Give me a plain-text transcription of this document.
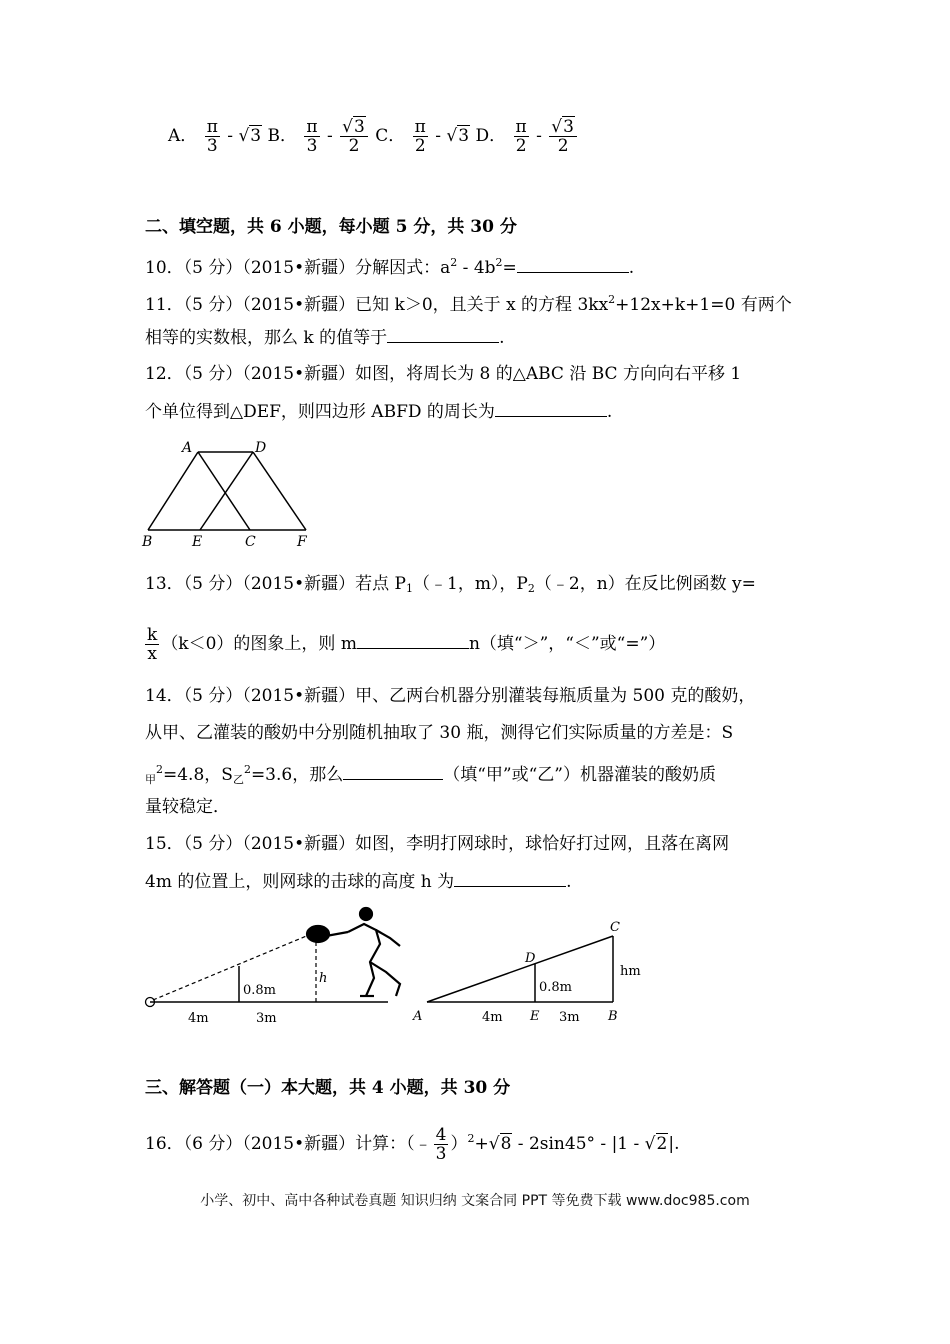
A． $\frac{\pi}{3} - √3$ B． $\frac{\pi}{3} - \frac{√3}{2}$ C． $\frac{\pi}{2} - √3$ D． $\frac{\pi}{2} - \frac{√3}{2}$
二、填空题，共 6 小题，每小题 5 分，共 30 分
10．（5 分）（2015•新疆）分解因式：$a^2 - 4b^2=$	.
11．（5 分）（2015•新疆）已知 k＞0，且关于 x 的方程 $3kx^2+12x+k+1=0$ 有两个
相等的实数根，那么 k 的值等于	.
12．（5 分）（2015•新疆）如图，将周长为 8 的△ABC 沿 BC 方向向右平移 1
个单位得到△DEF，则四边形 ABFD 的周长为	.
A	D
B	E	C	F
13．（5 分）（2015•新疆）若点 $P_1(﹣1$，m），$P_2(﹣2$，n）在反比例函数 y=
$\frac{k}{x} (k<0)$的图象上，则 m	n（填“＞”，“＜”或“=”）
14．（5 分）（2015•新疆）甲、乙两台机器分别灌装每瓶质量为 500 克的酸奶，
从甲、乙灌装的酸奶中分别随机抽取了 30 瓶，测得它们实际质量的方差是：S
$_甲^2$=4.8，$S_乙^2=3.6$，那么	（填“甲”或“乙”）机器灌装的酸奶质
量较稳定．
15．（5 分）（2015•新疆）如图，李明打网球时，球恰好打过网，且落在离网
4m 的位置上，则网球的击球的高度 h 为	.
0.8m
h
4m	3m
C
D
hm
0.8m
A	E	B
4m	3m
三、解答题（一）本大题，共 4 小题，共 30 分
16．（6 分）（2015•新疆）计算：（﹣ $\frac{4}{3} )^2+√8 - 2\sin 45^\circ - |1 - √2|$.
小学、初中、高中各种试卷真题 知识归纳 文案合同 PPT 等免费下载 www.doc985.com
